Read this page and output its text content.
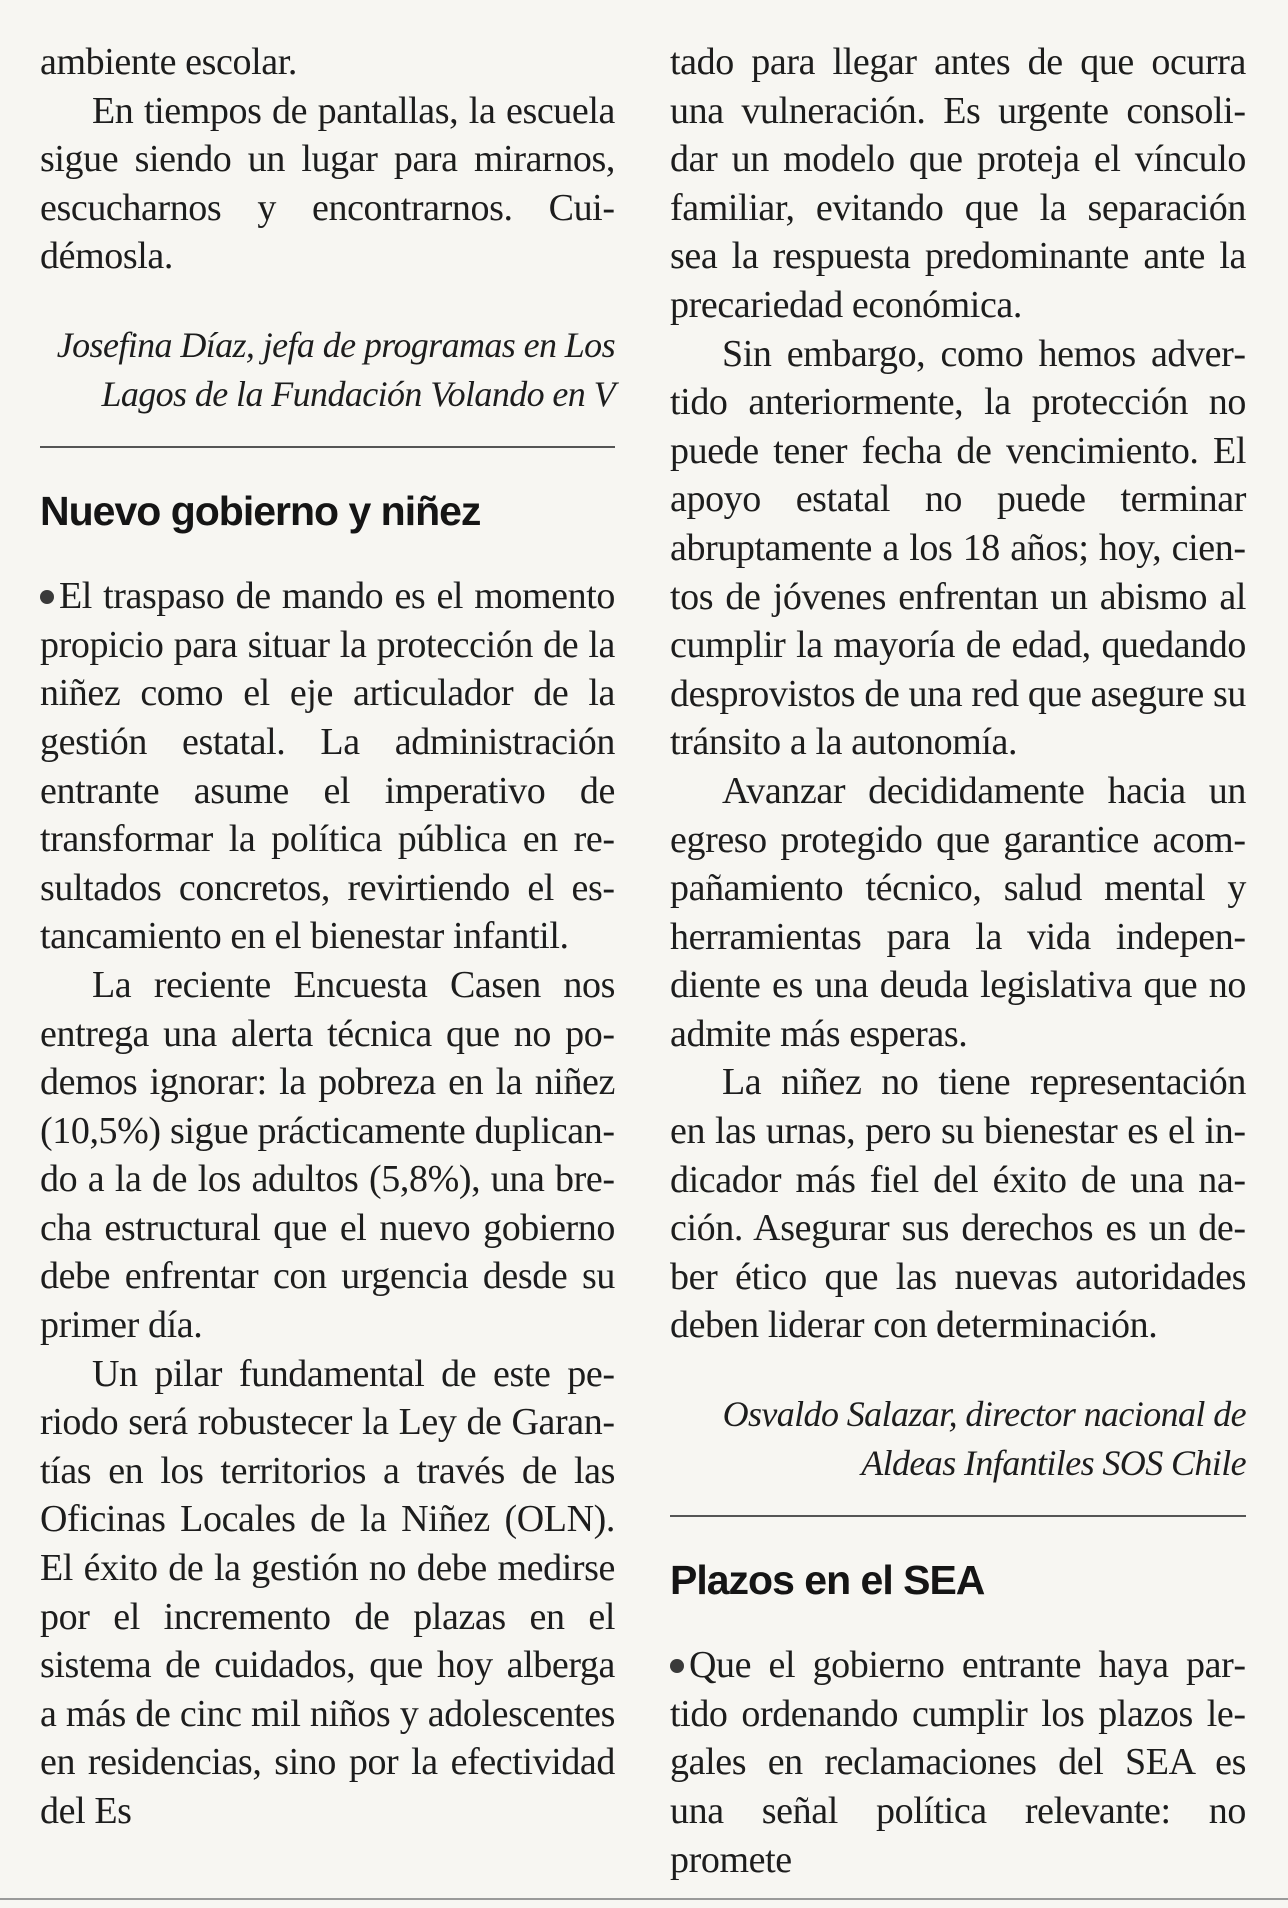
ambiente escolar.

En tiempos de pantallas, la escuela sigue siendo un lugar para mirarnos, escucharnos y encontrarnos. Cuidémosla.

Josefina Díaz, jefa de programas en Los Lagos de la Fundación Volando en V

Nuevo gobierno y niñez

El traspaso de mando es el momento propicio para situar la protección de la niñez como el eje articulador de la gestión estatal. La administración entrante asume el imperativo de transformar la política pública en resultados concretos, revirtiendo el estancamiento en el bienestar infantil.

La reciente Encuesta Casen nos entrega una alerta técnica que no podemos ignorar: la pobreza en la niñez (10,5%) sigue prácticamente duplicando a la de los adultos (5,8%), una brecha estructural que el nuevo gobierno debe enfrentar con urgencia desde su primer día.

Un pilar fundamental de este periodo será robustecer la Ley de Garantías en los territorios a través de las Oficinas Locales de la Niñez (OLN). El éxito de la gestión no debe medirse por el incremento de plazas en el sistema de cuidados, que hoy alberga a más de cinc mil niños y adolescentes en residencias, sino por la efectividad del Es

tado para llegar antes de que ocurra una vulneración. Es urgente consolidar un modelo que proteja el vínculo familiar, evitando que la separación sea la respuesta predominante ante la precariedad económica.

Sin embargo, como hemos advertido anteriormente, la protección no puede tener fecha de vencimiento. El apoyo estatal no puede terminar abruptamente a los 18 años; hoy, cientos de jóvenes enfrentan un abismo al cumplir la mayoría de edad, quedando desprovistos de una red que asegure su tránsito a la autonomía.

Avanzar decididamente hacia un egreso protegido que garantice acompañamiento técnico, salud mental y herramientas para la vida independiente es una deuda legislativa que no admite más esperas.

La niñez no tiene representación en las urnas, pero su bienestar es el indicador más fiel del éxito de una nación. Asegurar sus derechos es un deber ético que las nuevas autoridades deben liderar con determinación.

Osvaldo Salazar, director nacional de Aldeas Infantiles SOS Chile

Plazos en el SEA

Que el gobierno entrante haya partido ordenando cumplir los plazos legales en reclamaciones del SEA es una señal política relevante: no promete
